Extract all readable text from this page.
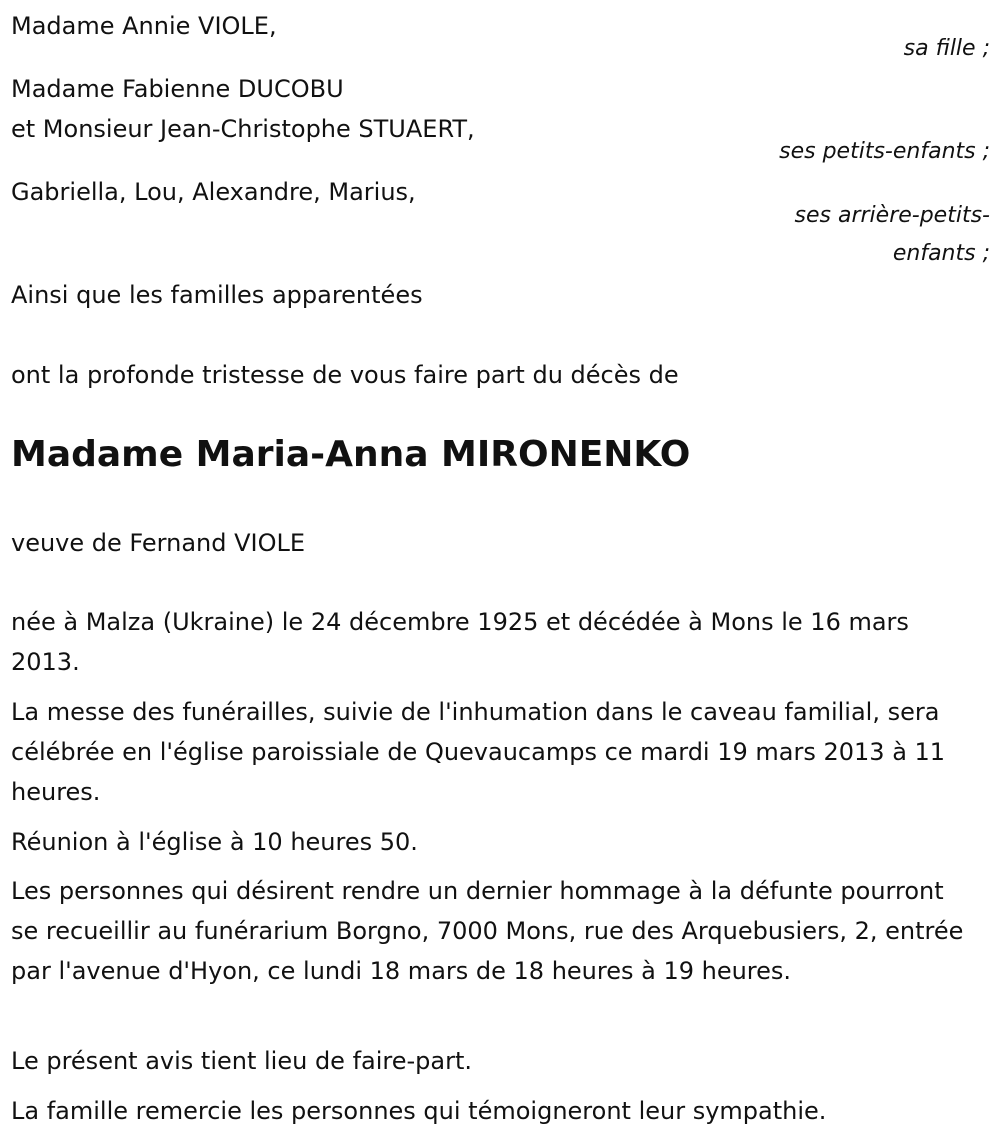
Madame Annie VIOLE,
sa fille ;
Madame Fabienne DUCOBU
et Monsieur Jean-Christophe STUAERT,
ses petits-enfants ;
Gabriella, Lou, Alexandre, Marius,
ses arrière-petits-
enfants ;
Ainsi que les familles apparentées
ont la profonde tristesse de vous faire part du décès de
Madame Maria-Anna MIRONENKO
veuve de Fernand VIOLE
née à Malza (Ukraine) le 24 décembre 1925 et décédée à Mons le 16 mars 2013.
La messe des funérailles, suivie de l'inhumation dans le caveau familial, sera célébrée en l'église paroissiale de Quevaucamps ce mardi 19 mars 2013 à 11 heures.
Réunion à l'église à 10 heures 50.
Les personnes qui désirent rendre un dernier hommage à la défunte pourront se recueillir au funérarium Borgno, 7000 Mons, rue des Arquebusiers, 2, entrée par l'avenue d'Hyon, ce lundi 18 mars de 18 heures à 19 heures.
Le présent avis tient lieu de faire-part.
La famille remercie les personnes qui témoigneront leur sympathie.
